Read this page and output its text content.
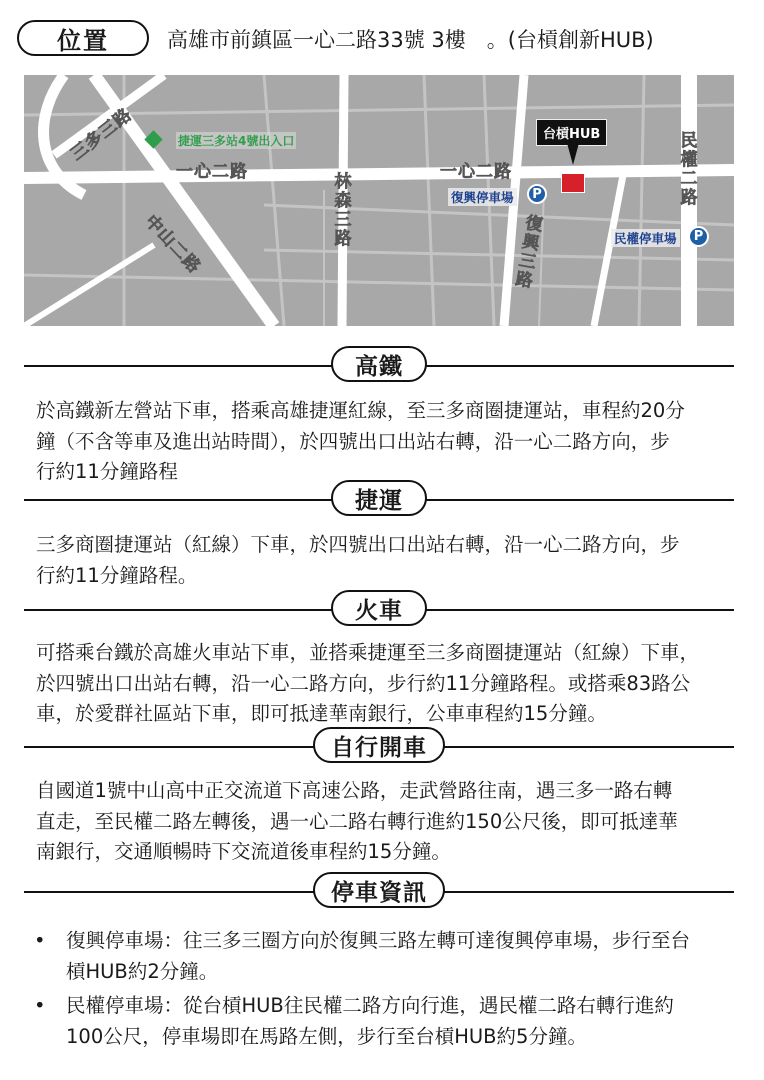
位置	高雄市前鎮區一心二路33號 3樓　。(台槓創新HUB)
三多三路
一心二路
中山二路
林森三路
一心二路
復興三路
民權二路
捷運三多站4號出入口	台槓HUB
復興停車場	P
民權停車場	P
高鐵
於高鐵新左營站下車，搭乘高雄捷運紅線，至三多商圈捷運站，車程約20分
鐘（不含等車及進出站時間），於四號出口出站右轉，沿一心二路方向，步
行約11分鐘路程
捷運
三多商圈捷運站（紅線）下車，於四號出口出站右轉，沿一心二路方向，步
行約11分鐘路程。
火車
可搭乘台鐵於高雄火車站下車，並搭乘捷運至三多商圈捷運站（紅線）下車，
於四號出口出站右轉，沿一心二路方向，步行約11分鐘路程。或搭乘83路公
車，於愛群社區站下車，即可抵達華南銀行，公車車程約15分鐘。
自行開車
自國道1號中山高中正交流道下高速公路，走武營路往南，遇三多一路右轉
直走，至民權二路左轉後，遇一心二路右轉行進約150公尺後，即可抵達華
南銀行，交通順暢時下交流道後車程約15分鐘。
停車資訊
• 復興停車場：往三多三圈方向於復興三路左轉可達復興停車場，步行至台
槓HUB約2分鐘。
• 民權停車場：從台槓HUB往民權二路方向行進，遇民權二路右轉行進約
100公尺，停車場即在馬路左側，步行至台槓HUB約5分鐘。
